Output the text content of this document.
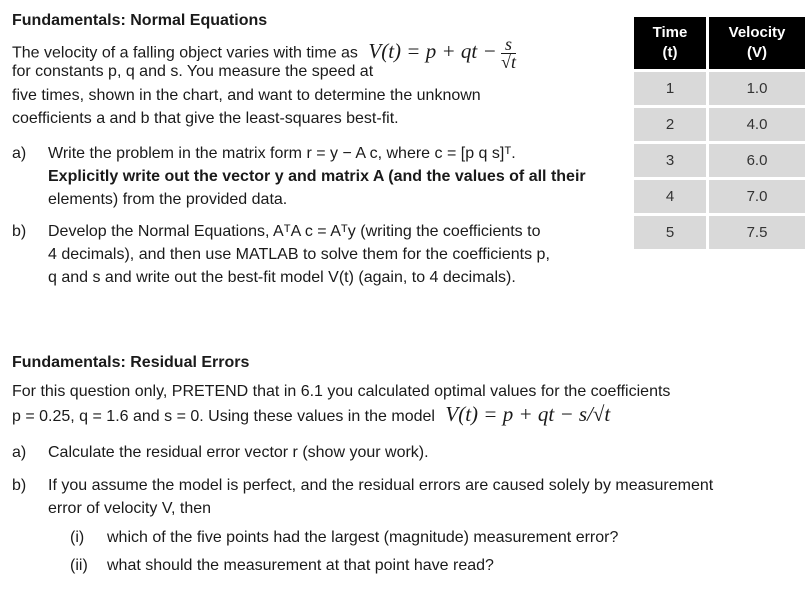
Fundamentals: Normal Equations
The velocity of a falling object varies with time as V(t) = p + qt − $\frac{s}{√t}$
for constants p, q and s. You measure the speed at
five times, shown in the chart, and want to determine the unknown
coefficients a and b that give the least-squares best-fit.
a) Write the problem in the matrix form r = y − A c, where c = [p q s]ᵀ.
Explicitly write out the vector y and matrix A (and the values of all their
elements) from the provided data.
b) Develop the Normal Equations, AᵀA c = Aᵀy (writing the coefficients to
4 decimals), and then use MATLAB to solve them for the coefficients p,
q and s and write out the best-fit model V(t) (again, to 4 decimals).
Time
(t)	Velocity
(V)
1	1.0
2	4.0
3	6.0
4	7.0
5	7.5
Fundamentals: Residual Errors
For this question only, PRETEND that in 6.1 you calculated optimal values for the coefficients
p = 0.25, q = 1.6 and s = 0. Using these values in the model V(t) = p + qt − s/√t
a) Calculate the residual error vector r (show your work).
b) If you assume the model is perfect, and the residual errors are caused solely by measurement
error of velocity V, then
(i) which of the five points had the largest (magnitude) measurement error?
(ii) what should the measurement at that point have read?
